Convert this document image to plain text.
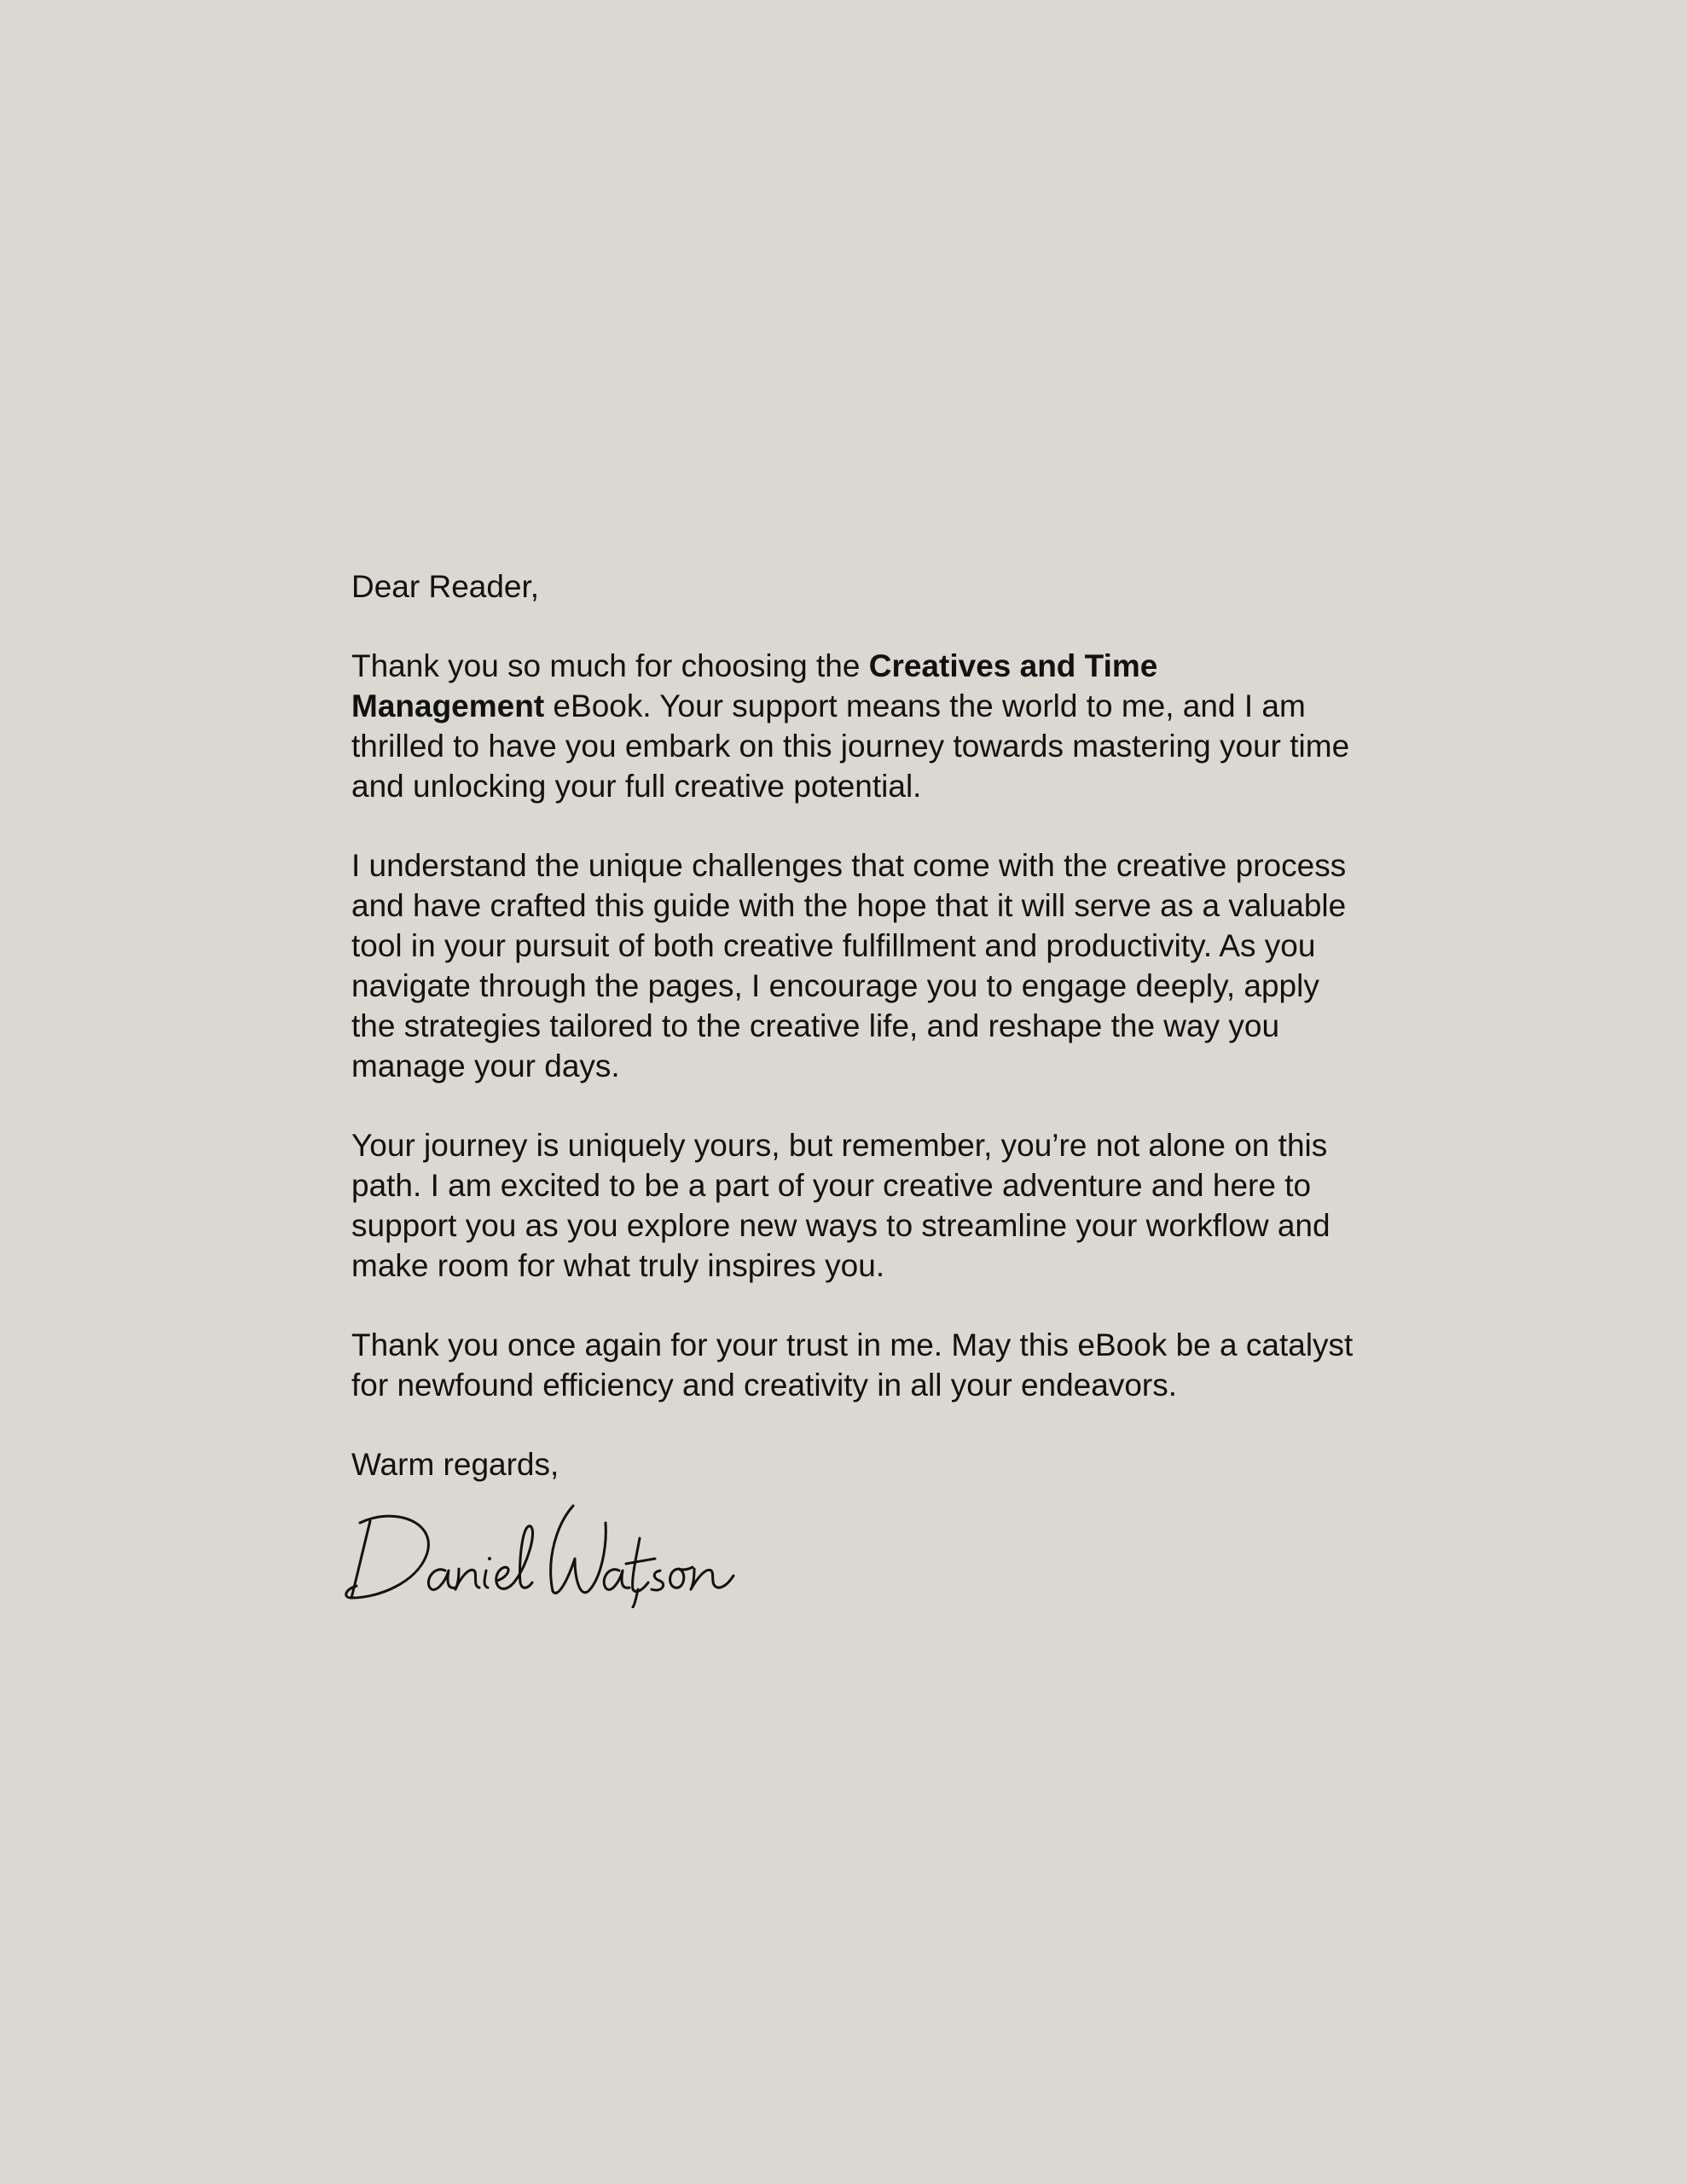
Dear Reader,

Thank you so much for choosing the Creatives and Time Management eBook. Your support means the world to me, and I am thrilled to have you embark on this journey towards mastering your time and unlocking your full creative potential.

I understand the unique challenges that come with the creative process and have crafted this guide with the hope that it will serve as a valuable tool in your pursuit of both creative fulfillment and productivity. As you navigate through the pages, I encourage you to engage deeply, apply the strategies tailored to the creative life, and reshape the way you manage your days.

Your journey is uniquely yours, but remember, you’re not alone on this path. I am excited to be a part of your creative adventure and here to support you as you explore new ways to streamline your workflow and make room for what truly inspires you.

Thank you once again for your trust in me. May this eBook be a catalyst for newfound efficiency and creativity in all your endeavors.

Warm regards,
